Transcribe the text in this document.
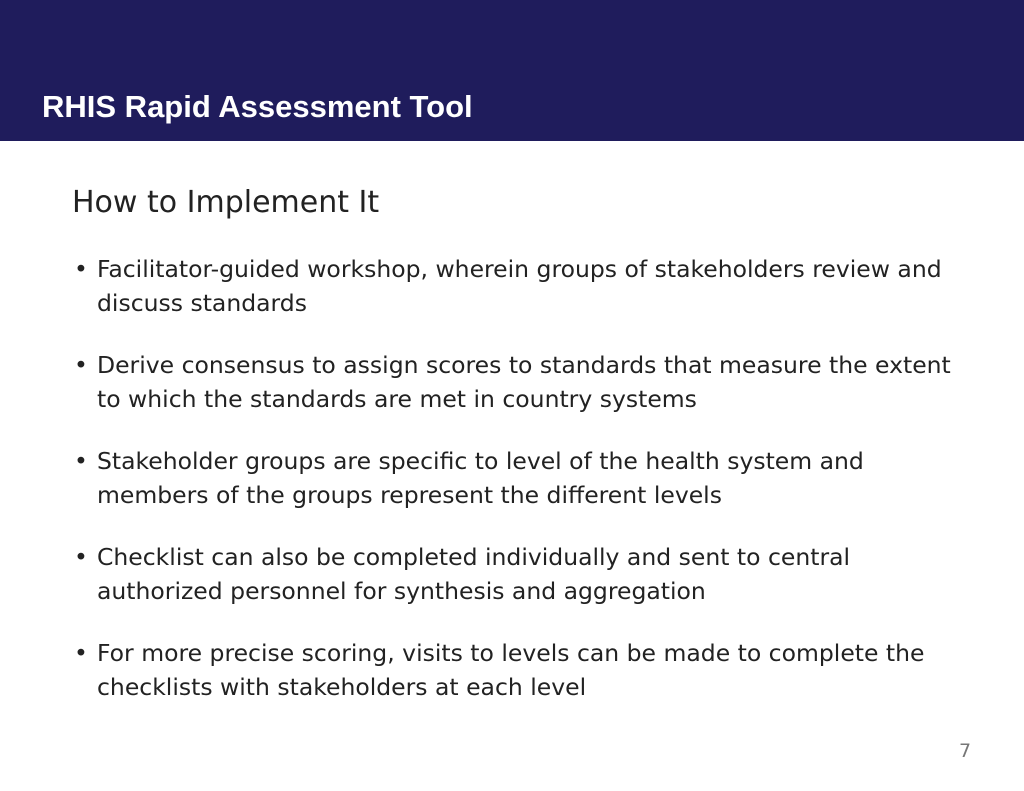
RHIS Rapid Assessment Tool
How to Implement It
• Facilitator-guided workshop, wherein groups of stakeholders review and discuss standards
• Derive consensus to assign scores to standards that measure the extent to which the standards are met in country systems
• Stakeholder groups are specific to level of the health system and members of the groups represent the different levels
• Checklist can also be completed individually and sent to central authorized personnel for synthesis and aggregation
• For more precise scoring, visits to levels can be made to complete the checklists with stakeholders at each level
7
